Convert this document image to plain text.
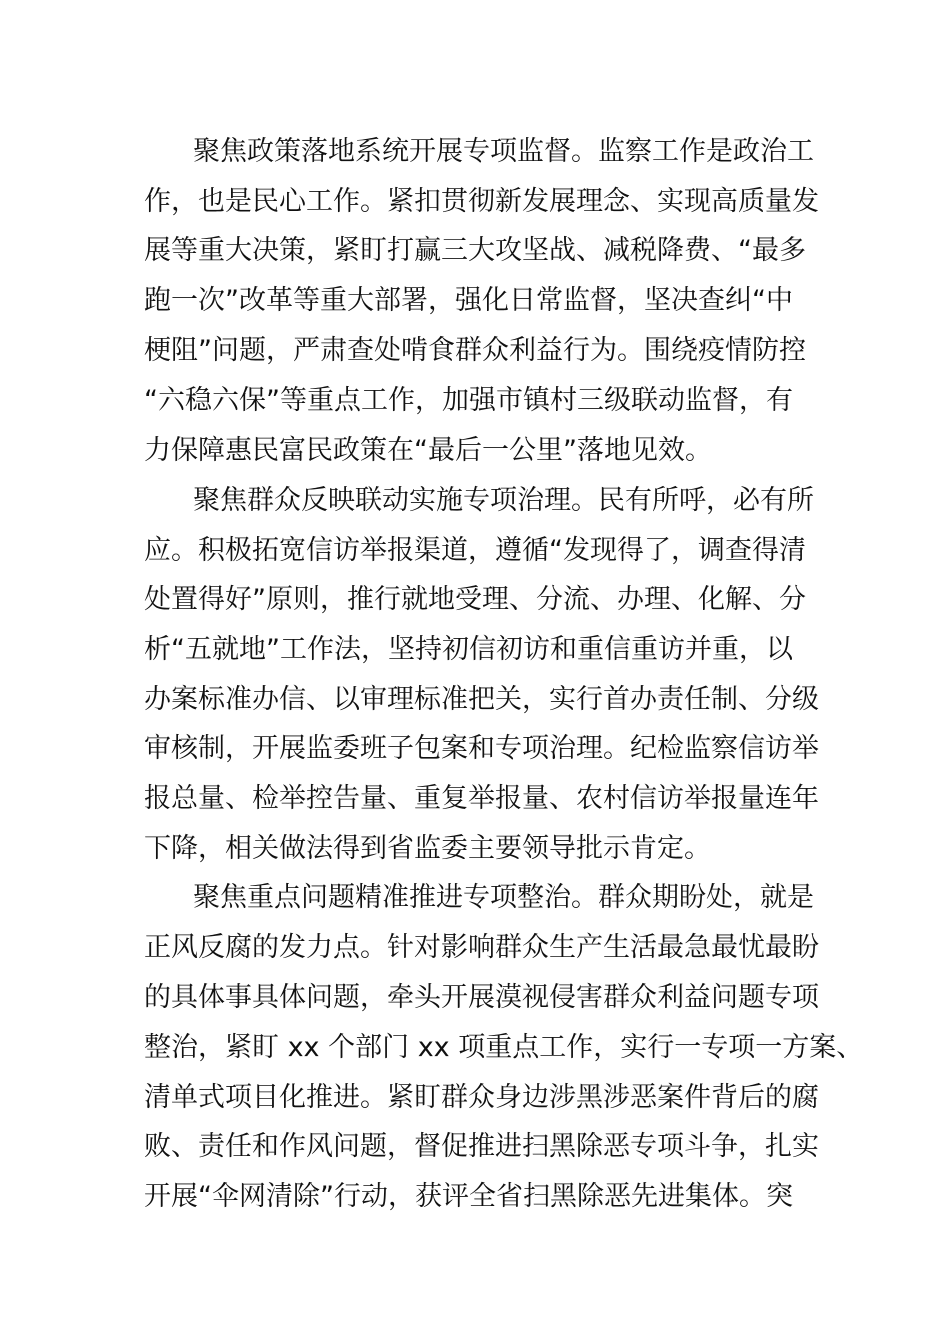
聚焦政策落地系统开展专项监督。监察工作是政治工
作，也是民心工作。紧扣贯彻新发展理念、实现高质量发
展等重大决策，紧盯打赢三大攻坚战、减税降费、“最多
跑一次”改革等重大部署，强化日常监督，坚决查纠“中
梗阻”问题，严肃查处啃食群众利益行为。围绕疫情防控
“六稳六保”等重点工作，加强市镇村三级联动监督，有
力保障惠民富民政策在“最后一公里”落地见效。
聚焦群众反映联动实施专项治理。民有所呼，必有所
应。积极拓宽信访举报渠道，遵循“发现得了，调查得清
处置得好”原则，推行就地受理、分流、办理、化解、分
析“五就地”工作法，坚持初信初访和重信重访并重，以
办案标准办信、以审理标准把关，实行首办责任制、分级
审核制，开展监委班子包案和专项治理。纪检监察信访举
报总量、检举控告量、重复举报量、农村信访举报量连年
下降，相关做法得到省监委主要领导批示肯定。
聚焦重点问题精准推进专项整治。群众期盼处，就是
正风反腐的发力点。针对影响群众生产生活最急最忧最盼
的具体事具体问题，牵头开展漠视侵害群众利益问题专项
整治，紧盯 xx 个部门 xx 项重点工作，实行一专项一方案、
清单式项目化推进。紧盯群众身边涉黑涉恶案件背后的腐
败、责任和作风问题，督促推进扫黑除恶专项斗争，扎实
开展“伞网清除”行动，获评全省扫黑除恶先进集体。突
